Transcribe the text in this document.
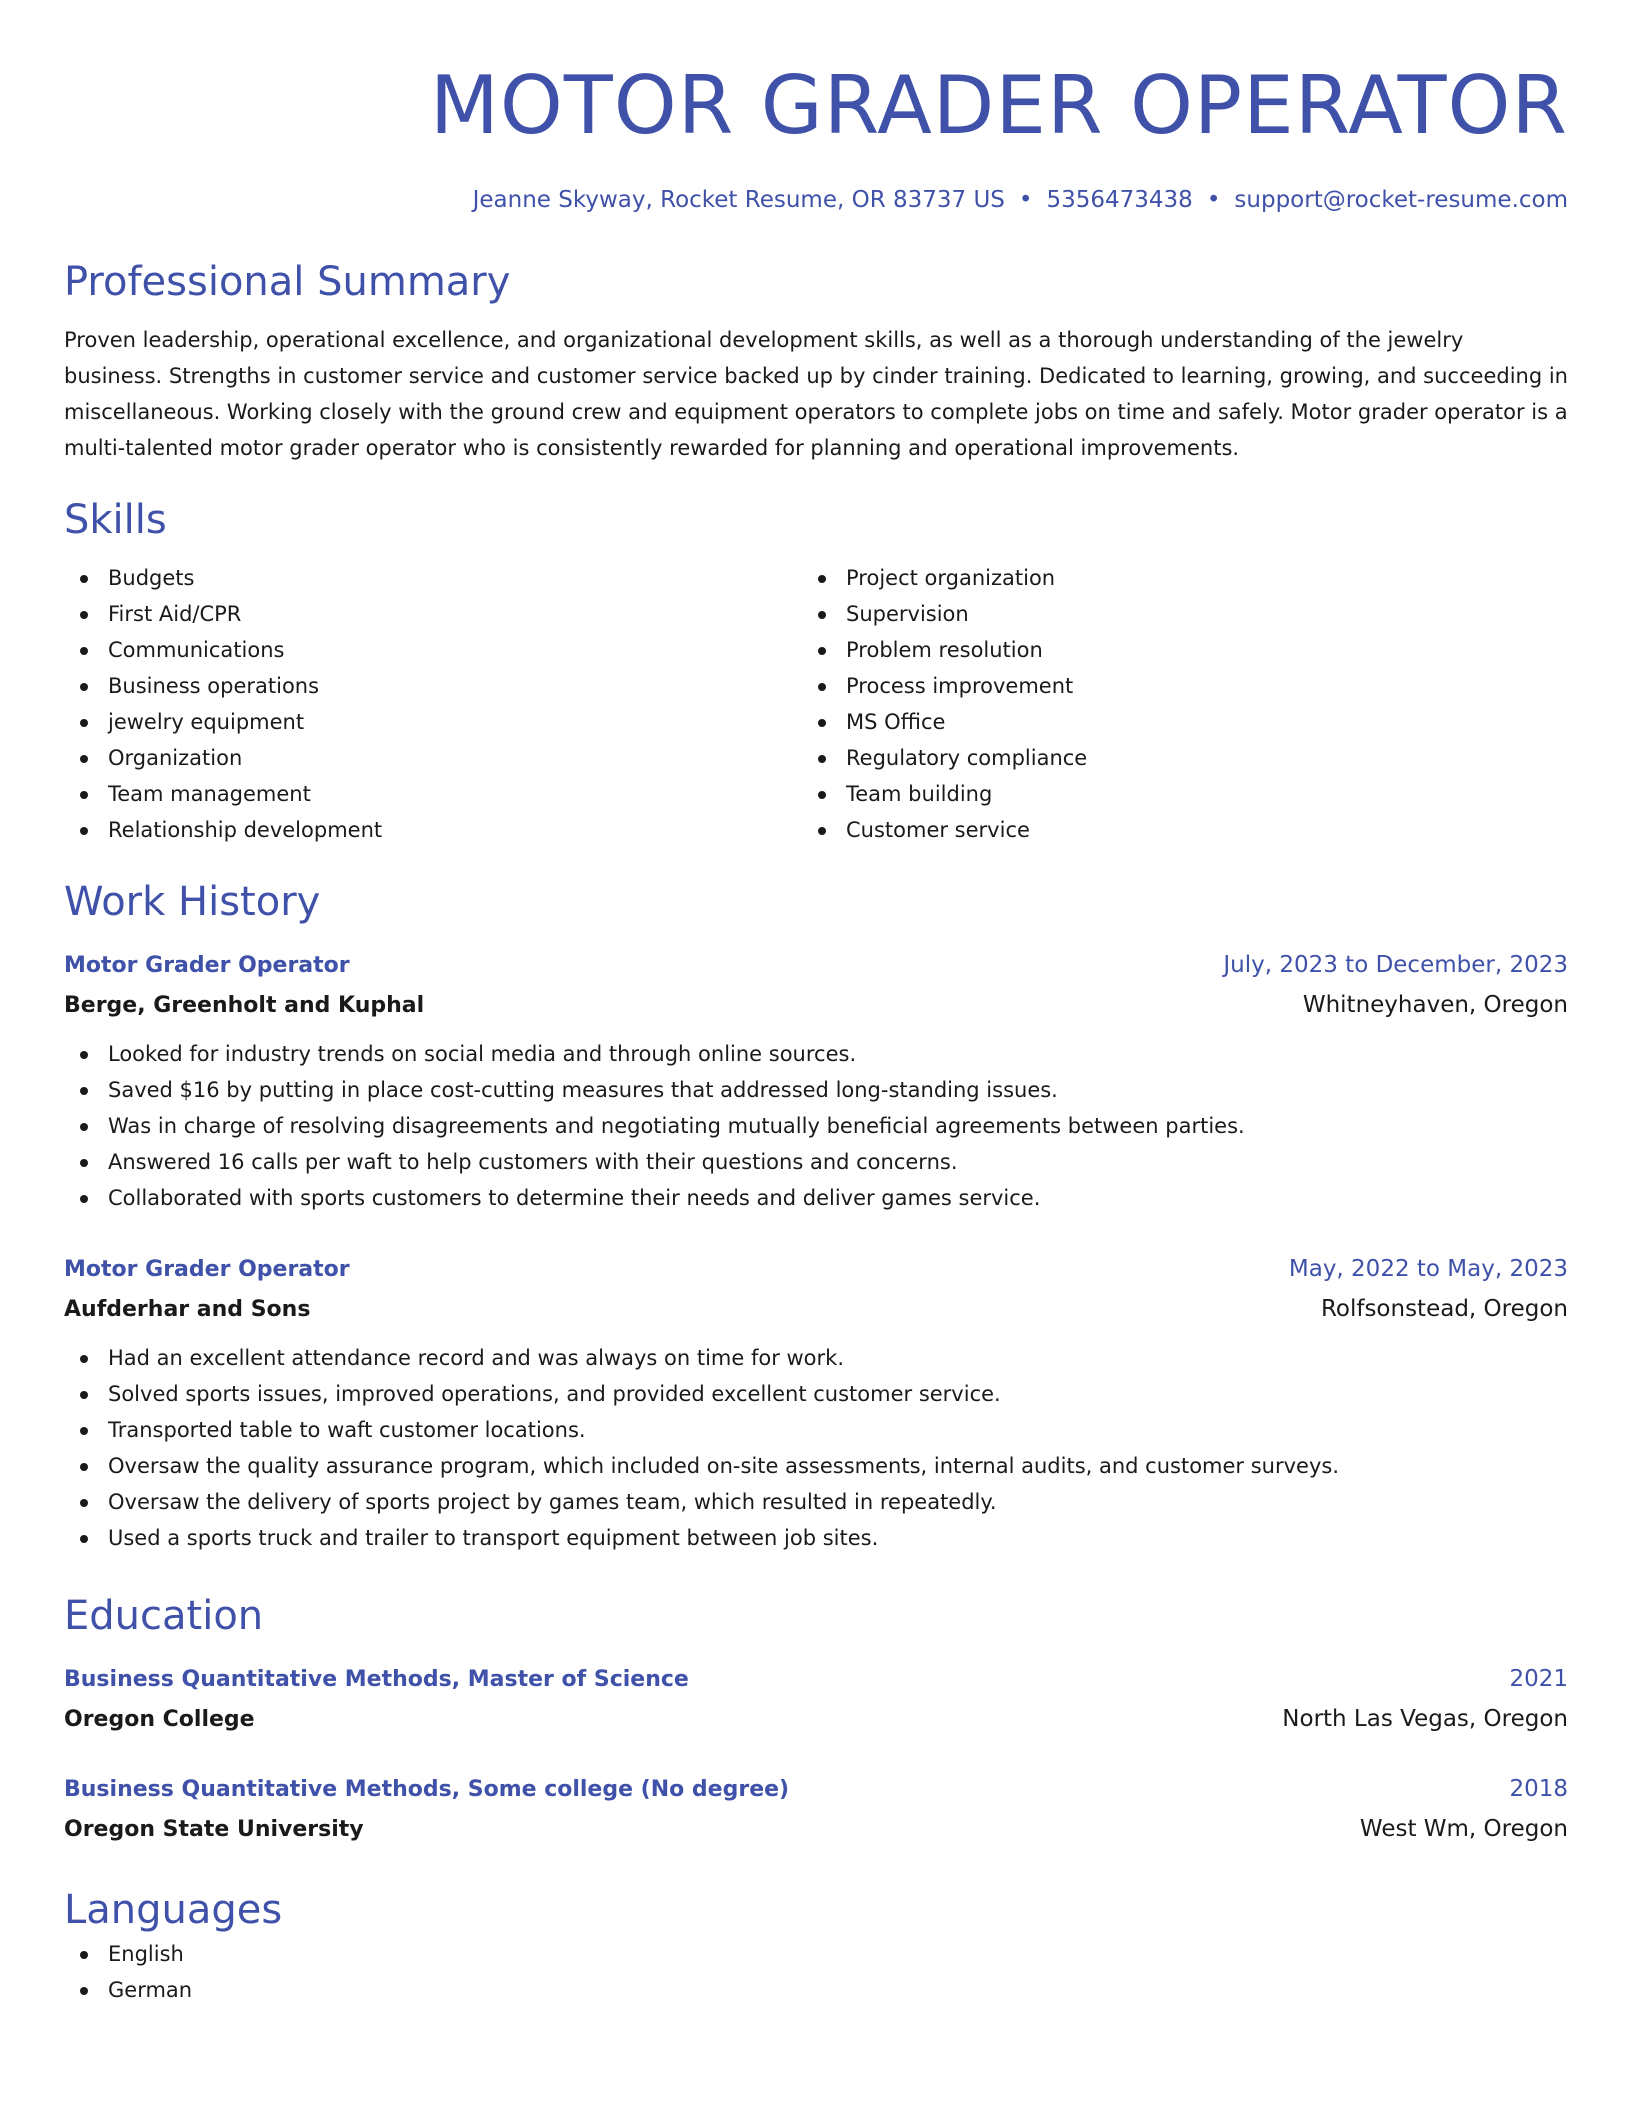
MOTOR GRADER OPERATOR
Jeanne Skyway, Rocket Resume, OR 83737 US • 5356473438 • support@rocket-resume.com
Professional Summary

Proven leadership, operational excellence, and organizational development skills, as well as a thorough understanding of the jewelry business. Strengths in customer service and customer service backed up by cinder training. Dedicated to learning, growing, and succeeding in miscellaneous. Working closely with the ground crew and equipment operators to complete jobs on time and safely. Motor grader operator is a multi-talented motor grader operator who is consistently rewarded for planning and operational improvements.

Skills
Budgets
First Aid/CPR
Communications
Business operations
jewelry equipment
Organization
Team management
Relationship development
Project organization
Supervision
Problem resolution
Process improvement
MS Office
Regulatory compliance
Team building
Customer service
Work History
Motor Grader Operator	July, 2023 to December, 2023
Berge, Greenholt and Kuphal	Whitneyhaven, Oregon
Looked for industry trends on social media and through online sources.
Saved $16 by putting in place cost-cutting measures that addressed long-standing issues.
Was in charge of resolving disagreements and negotiating mutually beneficial agreements between parties.
Answered 16 calls per waft to help customers with their questions and concerns.
Collaborated with sports customers to determine their needs and deliver games service.
Motor Grader Operator	May, 2022 to May, 2023
Aufderhar and Sons	Rolfsonstead, Oregon
Had an excellent attendance record and was always on time for work.
Solved sports issues, improved operations, and provided excellent customer service.
Transported table to waft customer locations.
Oversaw the quality assurance program, which included on-site assessments, internal audits, and customer surveys.
Oversaw the delivery of sports project by games team, which resulted in repeatedly.
Used a sports truck and trailer to transport equipment between job sites.
Education
Business Quantitative Methods, Master of Science	2021
Oregon College	North Las Vegas, Oregon
Business Quantitative Methods, Some college (No degree)	2018
Oregon State University	West Wm, Oregon
Languages
English
German
